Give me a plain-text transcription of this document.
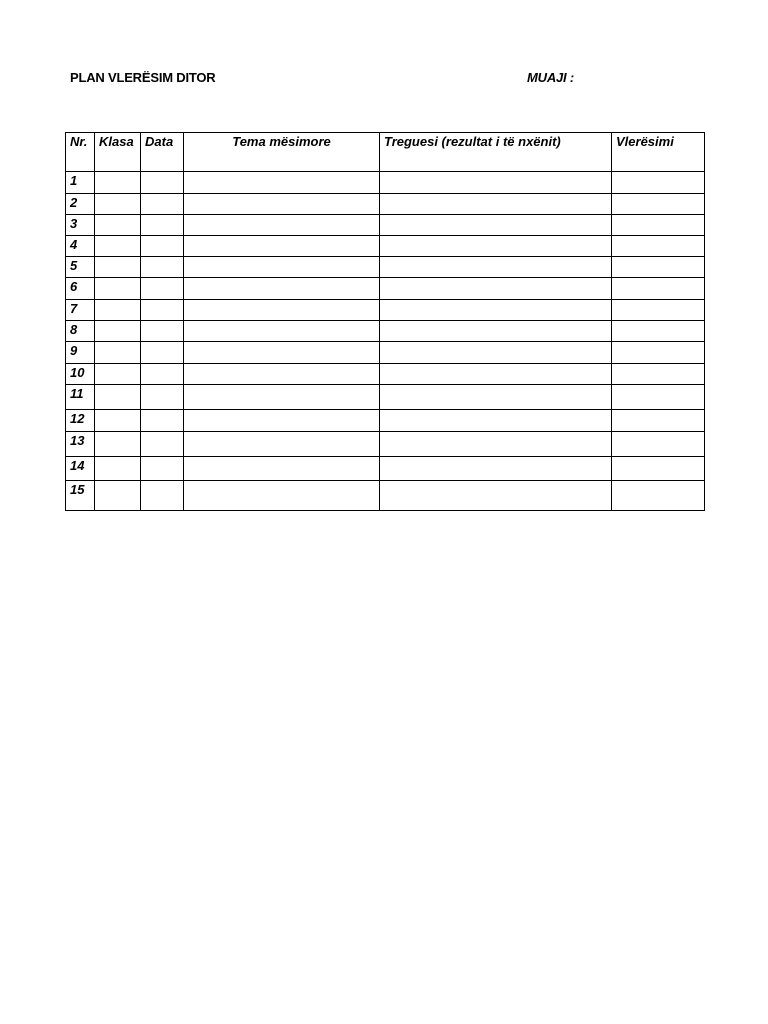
PLAN VLERËSIM DITOR	MUAJI :
Nr.	Klasa	Data	Tema mësimore	Treguesi (rezultat i të nxënit)	Vlerësimi
1					
2					
3					
4					
5					
6					
7					
8					
9					
10					
11					
12					
13					
14					
15					
